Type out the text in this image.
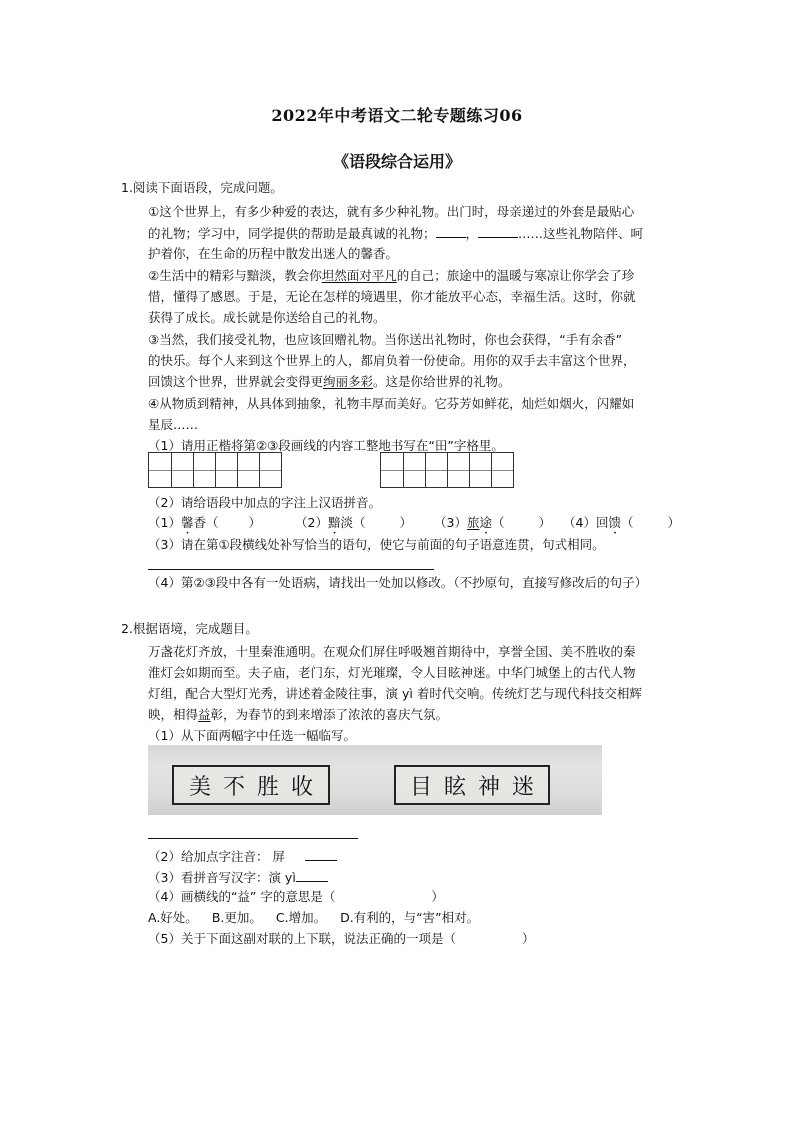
2022年中考语文二轮专题练习06
《语段综合运用》
1.阅读下面语段，完成问题。
①这个世界上，有多少种爱的表达，就有多少种礼物。出门时，母亲递过的外套是最贴心
的礼物；学习中，同学提供的帮助是最真诚的礼物； ，	……这些礼物陪伴、呵
护着你，在生命的历程中散发出迷人的馨香。
②生活中的精彩与黯淡，教会你坦然面对平凡的自己；旅途中的温暖与寒凉让你学会了珍
惜，懂得了感恩。于是，无论在怎样的境遇里，你才能放平心态，幸福生活。这时，你就
获得了成长。成长就是你送给自己的礼物。
③当然，我们接受礼物，也应该回赠礼物。当你送出礼物时，你也会获得，“手有余香”
的快乐。每个人来到这个世界上的人，都肩负着一份使命。用你的双手去丰富这个世界，
回馈这个世界，世界就会变得更绚丽多彩。这是你给世界的礼物。
④从物质到精神，从具体到抽象，礼物丰厚而美好。它芬芳如鲜花，灿烂如烟火，闪耀如
星辰……
（1）请用正楷将第②③段画线的内容工整地书写在“田”字格里。
（2）请给语段中加点的字注上汉语拼音。
（1）馨香（ ）	（2）黯淡（	） （3）旅途（	） （4）回馈（	）
（3）请在第①段横线处补写恰当的语句，使它与前面的句子语意连贯，句式相同。
（4）第②③段中各有一处语病，请找出一处加以修改。（不抄原句，直接写修改后的句子）
2.根据语境，完成题目。
万盏花灯齐放，十里秦淮通明。在观众们屏住呼吸翘首期待中，享誉全国、美不胜收的秦
淮灯会如期而至。夫子庙，老门东，灯光璀璨，令人目眩神迷。中华门城堡上的古代人物
灯组，配合大型灯光秀，讲述着金陵往事，演 yì 着时代交响。传统灯艺与现代科技交相辉
映，相得益彰，为春节的到来增添了浓浓的喜庆气氛。
（1）从下面两幅字中任选一幅临写。
美不胜收	目眩神迷
（2）给加点字注音： 屏
（3）看拼音写汉字：演 yì
（4）画横线的“益” 字的意思是（	）
A.好处。 B.更加。 C.增加。 D.有利的，与“害”相对。
（5）关于下面这副对联的上下联，说法正确的一项是（	）
